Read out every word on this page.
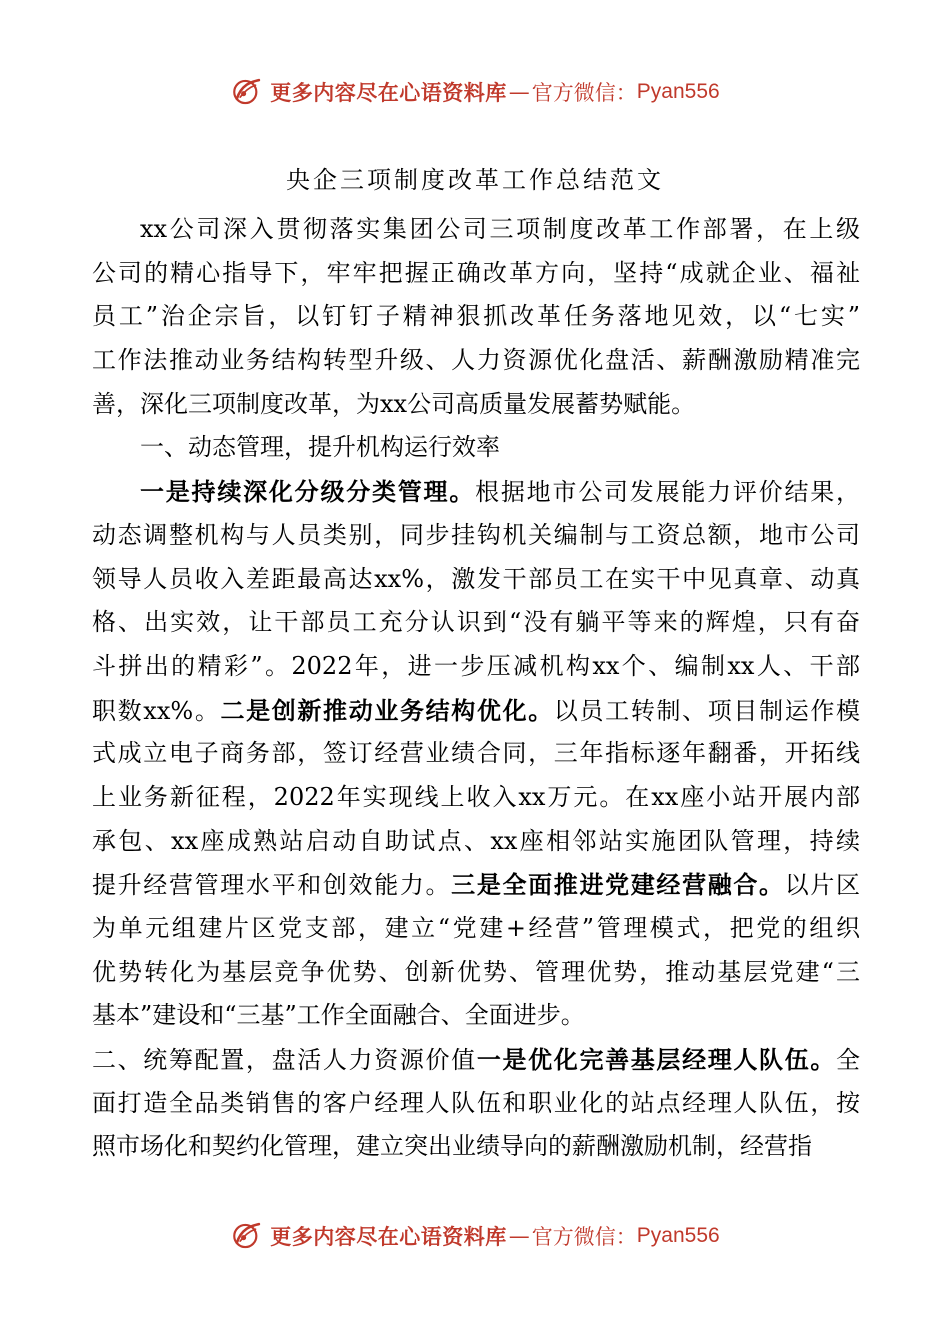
更多内容尽在心语资料库 — 官方微信： Pyan556
央企三项制度改革工作总结范文
xx公司深入贯彻落实集团公司三项制度改革工作部署，在上级
公司的精心指导下，牢牢把握正确改革方向，坚持“成就企业、福祉
员工”治企宗旨，以钉钉子精神狠抓改革任务落地见效，以“七实”
工作法推动业务结构转型升级、人力资源优化盘活、薪酬激励精准完
善，深化三项制度改革，为xx公司高质量发展蓄势赋能。
一、动态管理，提升机构运行效率
一是持续深化分级分类管理。根据地市公司发展能力评价结果，
动态调整机构与人员类别，同步挂钩机关编制与工资总额，地市公司
领导人员收入差距最高达xx%，激发干部员工在实干中见真章、动真
格、出实效，让干部员工充分认识到“没有躺平等来的辉煌，只有奋
斗拼出的精彩”。2022年，进一步压减机构xx个、编制xx人、干部
职数xx%。二是创新推动业务结构优化。以员工转制、项目制运作模
式成立电子商务部，签订经营业绩合同，三年指标逐年翻番，开拓线
上业务新征程，2022年实现线上收入xx万元。在xx座小站开展内部
承包、xx座成熟站启动自助试点、xx座相邻站实施团队管理，持续
提升经营管理水平和创效能力。三是全面推进党建经营融合。以片区
为单元组建片区党支部，建立“党建+经营”管理模式，把党的组织
优势转化为基层竞争优势、创新优势、管理优势，推动基层党建“三
基本”建设和“三基”工作全面融合、全面进步。
二、统筹配置，盘活人力资源价值一是优化完善基层经理人队伍。全
面打造全品类销售的客户经理人队伍和职业化的站点经理人队伍，按
照市场化和契约化管理，建立突出业绩导向的薪酬激励机制，经营指
更多内容尽在心语资料库 — 官方微信： Pyan556
